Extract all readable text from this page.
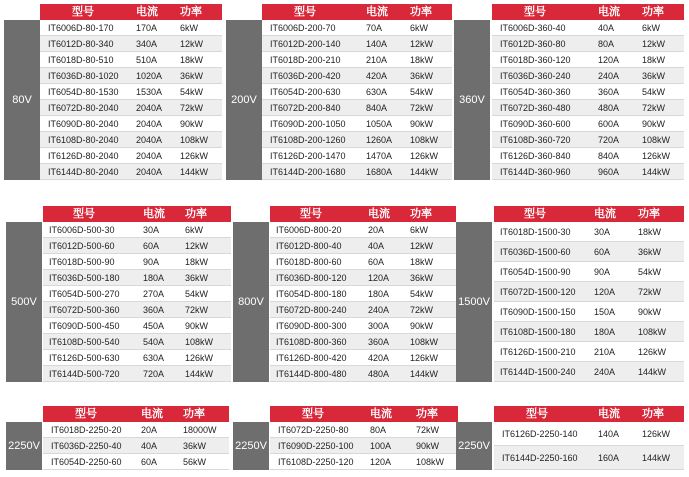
型号	电流 功率
80V
IT6006D-80-170 170A	6kW
IT6012D-80-340 340A	12kW
IT6018D-80-510 510A	18kW
IT6036D-80-1020 1020A 36kW
IT6054D-80-1530 1530A 54kW
IT6072D-80-2040 2040A 72kW
IT6090D-80-2040 2040A 90kW
IT6108D-80-2040 2040A 108kW
IT6126D-80-2040 2040A 126kW
IT6144D-80-2040 2040A 144kW
型号	电流 功率
200V
IT6006D-200-70	70A	6kW
IT6012D-200-140	140A	12kW
IT6018D-200-210	210A	18kW
IT6036D-200-420	420A	36kW
IT6054D-200-630	630A	54kW
IT6072D-200-840	840A	72kW
IT6090D-200-1050 1050A 90kW
IT6108D-200-1260 1260A 108kW
IT6126D-200-1470 1470A 126kW
IT6144D-200-1680 1680A 144kW
型号	电流 功率
360V
IT6006D-360-40	40A	6kW
IT6012D-360-80	80A	12kW
IT6018D-360-120	120A	18kW
IT6036D-360-240	240A	36kW
IT6054D-360-360	360A	54kW
IT6072D-360-480	480A	72kW
IT6090D-360-600	600A	90kW
IT6108D-360-720	720A	108kW
IT6126D-360-840	840A	126kW
IT6144D-360-960	960A	144kW
型号	电流 功率
500V
IT6006D-500-30	30A	6kW
IT6012D-500-60	60A	12kW
IT6018D-500-90	90A	18kW
IT6036D-500-180	180A 36kW
IT6054D-500-270	270A 54kW
IT6072D-500-360	360A 72kW
IT6090D-500-450	450A 90kW
IT6108D-500-540	540A 108kW
IT6126D-500-630	630A 126kW
IT6144D-500-720	720A 144kW
型号	电流 功率
800V
IT6006D-800-20	20A	6kW
IT6012D-800-40	40A	12kW
IT6018D-800-60	60A	18kW
IT6036D-800-120 120A 36kW
IT6054D-800-180 180A 54kW
IT6072D-800-240 240A 72kW
IT6090D-800-300 300A 90kW
IT6108D-800-360 360A 108kW
IT6126D-800-420 420A 126kW
IT6144D-800-480 480A 144kW
型号	电流 功率
1500V
IT6018D-1500-30	30A	18kW
IT6036D-1500-60	60A	36kW
IT6054D-1500-90	90A	54kW
IT6072D-1500-120 120A	72kW
IT6090D-1500-150 150A	90kW
IT6108D-1500-180 180A	108kW
IT6126D-1500-210 210A	126kW
IT6144D-1500-240 240A	144kW
型号	电流 功率
2250V
IT6018D-2250-20 20A	18000W
IT6036D-2250-40 40A	36kW
IT6054D-2250-60 60A	56kW
型号	电流 功率
2250V
IT6072D-2250-80 80A	72kW
IT6090D-2250-100 100A	90kW
IT6108D-2250-120 120A	108kW
型号	电流 功率
2250V
IT6126D-2250-140 140A	126kW
IT6144D-2250-160 160A	144kW
